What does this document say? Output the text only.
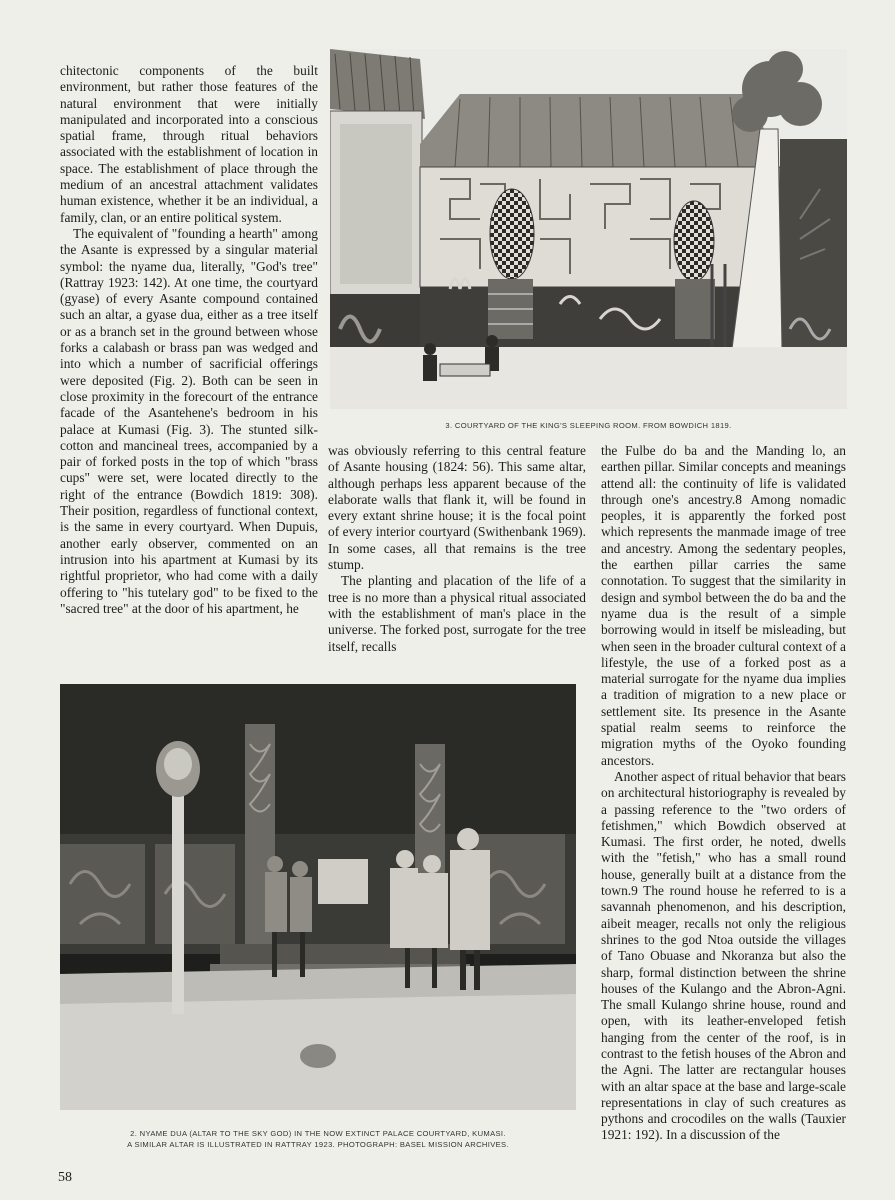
chitectonic components of the built environment, but rather those features of the natural environment that were initially manipulated and incorporated into a conscious spatial frame, through ritual behaviors associated with the establishment of location in space. The establishment of place through the medium of an ancestral attachment validates human existence, whether it be an individual, a family, clan, or an entire political system.

The equivalent of "founding a hearth" among the Asante is expressed by a singular material symbol: the nyame dua, literally, "God's tree" (Rattray 1923: 142). At one time, the courtyard (gyase) of every Asante compound contained such an altar, a gyase dua, either as a tree itself or as a branch set in the ground between whose forks a calabash or brass pan was wedged and into which a number of sacrificial offerings were deposited (Fig. 2). Both can be seen in close proximity in the forecourt of the entrance facade of the Asantehene's bedroom in his palace at Kumasi (Fig. 3). The stunted silk-cotton and mancineal trees, accompanied by a pair of forked posts in the top of which "brass cups" were set, were located directly to the right of the entrance (Bowdich 1819: 308). Their position, regardless of functional context, is the same in every courtyard. When Dupuis, another early observer, commented on an intrusion into his apartment at Kumasi by its rightful proprietor, who had come with a daily offering to "his tutelary god" to be fixed to the "sacred tree" at the door of his apartment, he

3. COURTYARD OF THE KING'S SLEEPING ROOM. FROM BOWDICH 1819.

was obviously referring to this central feature of Asante housing (1824: 56). This same altar, although perhaps less apparent because of the elaborate walls that flank it, will be found in every extant shrine house; it is the focal point of every interior courtyard (Swithenbank 1969). In some cases, all that remains is the tree stump.

The planting and placation of the life of a tree is no more than a physical ritual associated with the establishment of man's place in the universe. The forked post, surrogate for the tree itself, recalls

the Fulbe do ba and the Manding lo, an earthen pillar. Similar concepts and meanings attend all: the continuity of life is validated through one's ancestry.8 Among nomadic peoples, it is apparently the forked post which represents the manmade image of tree and ancestry. Among the sedentary peoples, the earthen pillar carries the same connotation. To suggest that the similarity in design and symbol between the do ba and the nyame dua is the result of a simple borrowing would in itself be misleading, but when seen in the broader cultural context of a lifestyle, the use of a forked post as a material surrogate for the nyame dua implies a tradition of migration to a new place or settlement site. Its presence in the Asante spatial realm seems to reinforce the migration myths of the Oyoko founding ancestors.

Another aspect of ritual behavior that bears on architectural historiography is revealed by a passing reference to the "two orders of fetishmen," which Bowdich observed at Kumasi. The first order, he noted, dwells with the "fetish," who has a small round house, generally built at a distance from the town.9 The round house he referred to is a savannah phenomenon, and his description, aibeit meager, recalls not only the religious shrines to the god Ntoa outside the villages of Tano Obuase and Nkoranza but also the sharp, formal distinction between the shrine houses of the Kulango and the Abron-Agni. The small Kulango shrine house, round and open, with its leather-enveloped fetish hanging from the center of the roof, is in contrast to the fetish houses of the Abron and the Agni. The latter are rectangular houses with an altar space at the base and large-scale representations in clay of such creatures as pythons and crocodiles on the walls (Tauxier 1921: 192). In a discussion of the

2. NYAME DUA (ALTAR TO THE SKY GOD) IN THE NOW EXTINCT PALACE COURTYARD, KUMASI.
A SIMILAR ALTAR IS ILLUSTRATED IN RATTRAY 1923. PHOTOGRAPH: BASEL MISSION ARCHIVES.
58
